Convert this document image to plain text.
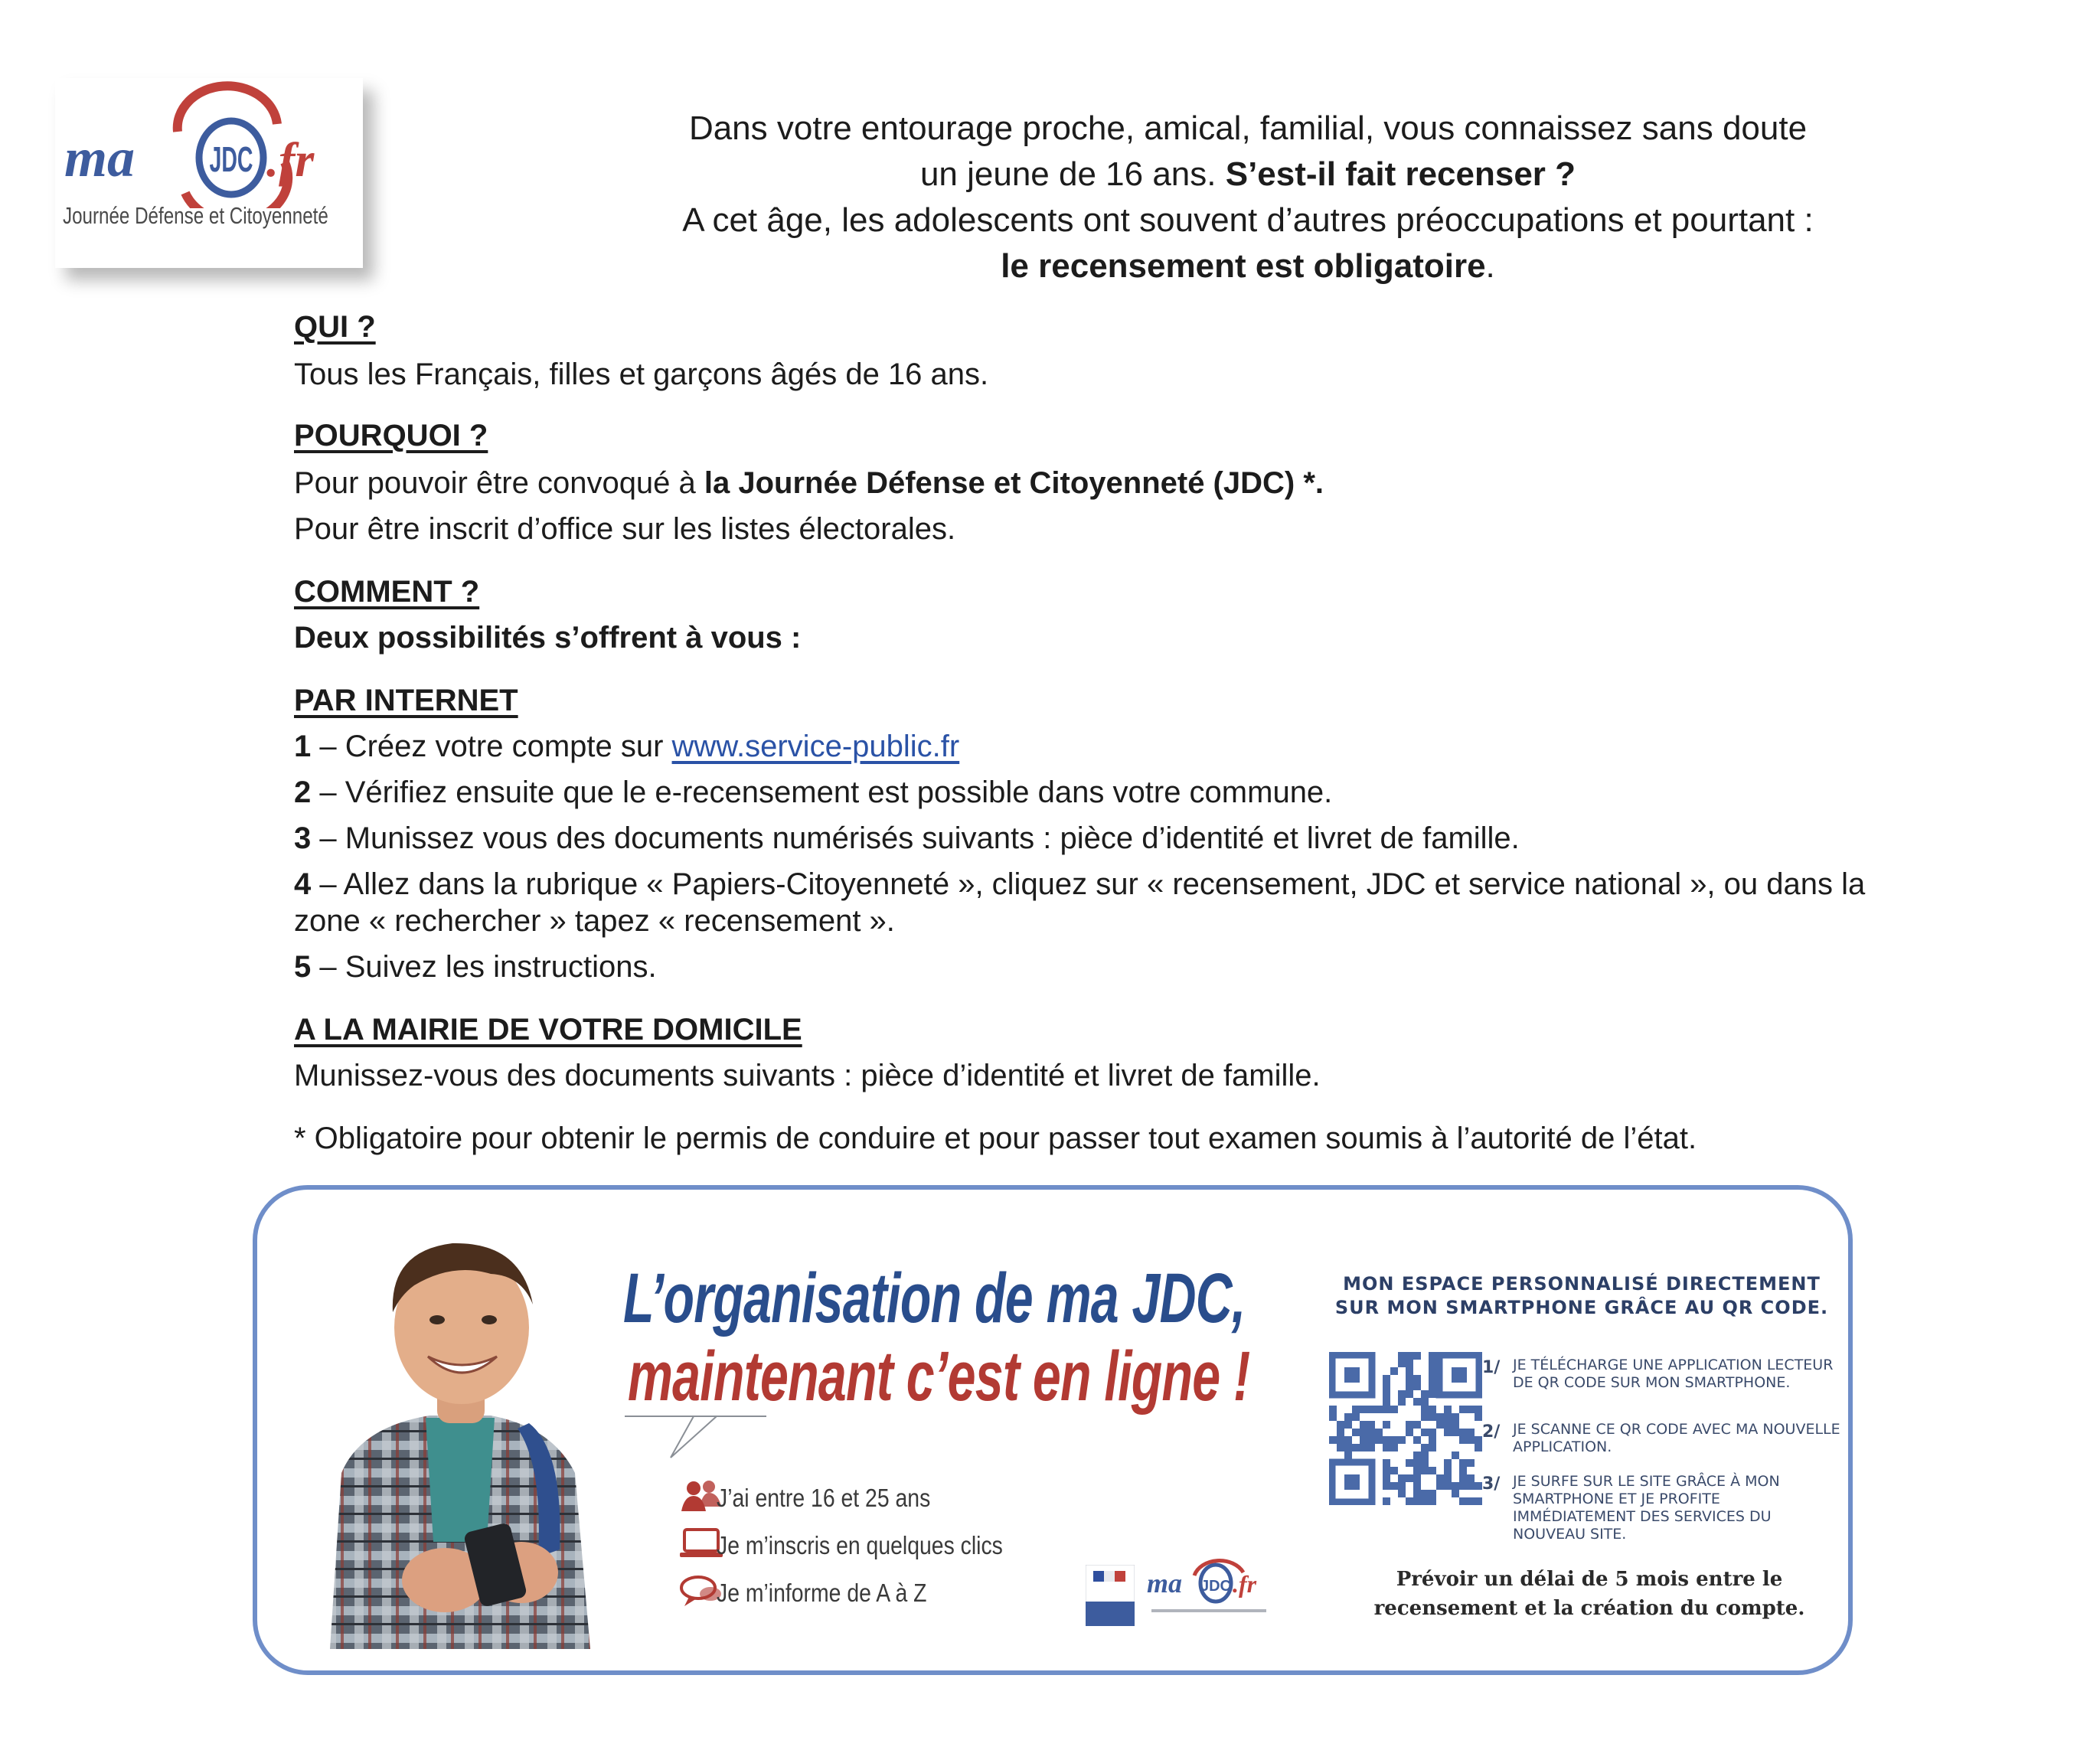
JDC
ma	.fr
Journée Défense et Citoyenneté

Dans votre entourage proche, amical, familial, vous connaissez sans doute

un jeune de 16 ans. S’est-il fait recenser ?

A cet âge, les adolescents ont souvent d’autres préoccupations et pourtant :

le recensement est obligatoire.

QUI ?
Tous les Français, filles et garçons âgés de 16 ans.
POURQUOI ?
Pour pouvoir être convoqué à la Journée Défense et Citoyenneté (JDC) *.
Pour être inscrit d’office sur les listes électorales.
COMMENT ?
Deux possibilités s’offrent à vous :
PAR INTERNET
1 – Créez votre compte sur www.service-public.fr
2 – Vérifiez ensuite que le e-recensement est possible dans votre commune.
3 – Munissez vous des documents numérisés suivants : pièce d’identité et livret de famille.
4 – Allez dans la rubrique « Papiers-Citoyenneté », cliquez sur « recensement, JDC et service national », ou dans la
zone « rechercher » tapez « recensement ».
5 – Suivez les instructions.
A LA MAIRIE DE VOTRE DOMICILE
Munissez-vous des documents suivants : pièce d’identité et livret de famille.
* Obligatoire pour obtenir le permis de conduire et pour passer tout examen soumis à l’autorité de l’état.
L’organisation de ma JDC,
maintenant c’est en ligne !
J’ai entre 16 et 25 ans
Je m’inscris en quelques clics
Je m’informe de A à Z	ma JDC .fr
MON ESPACE PERSONNALISÉ DIRECTEMENT
SUR MON SMARTPHONE GRÂCE AU QR CODE.
1/ JE TÉLÉCHARGE UNE APPLICATION LECTEUR DE QR CODE SUR MON SMARTPHONE.
2/ JE SCANNE CE QR CODE AVEC MA NOUVELLE APPLICATION.
3/ JE SURFE SUR LE SITE GRÂCE À MON SMARTPHONE ET JE PROFITE IMMÉDIATEMENT DES SERVICES DU NOUVEAU SITE.
Prévoir un délai de 5 mois entre le
recensement et la création du compte.
